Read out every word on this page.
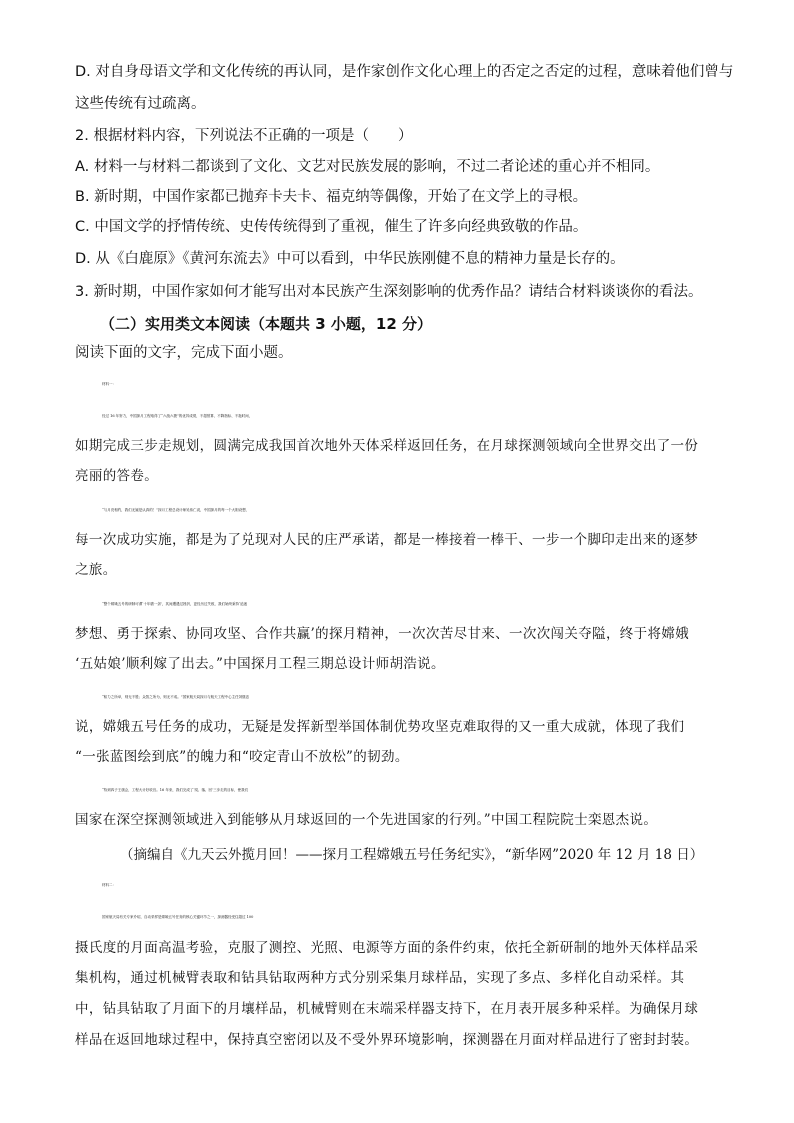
D. 对自身母语文学和文化传统的再认同，是作家创作文化心理上的否定之否定的过程，意味着他们曾与
这些传统有过疏离。
2. 根据材料内容，下列说法不正确的一项是（　　）
A. 材料一与材料二都谈到了文化、文艺对民族发展的影响，不过二者论述的重心并不相同。
B. 新时期，中国作家都已抛弃卡夫卡、福克纳等偶像，开始了在文学上的寻根。
C. 中国文学的抒情传统、史传传统得到了重视，催生了许多向经典致敬的作品。
D. 从《白鹿原》《黄河东流去》中可以看到，中华民族刚健不息的精神力量是长存的。
3. 新时期，中国作家如何才能写出对本民族产生深刻影响的优秀作品？请结合材料谈谈你的看法。
（二）实用类文本阅读（本题共 3 小题，12 分）
阅读下面的文字，完成下面小题。
材料一：
经过 16 年努力，中国探月工程取得了“六战六捷”的优异成绩，不超预算、不降指标、不拖时间，
如期完成三步走规划，圆满完成我国首次地外天体采样返回任务，在月球探测领域向全世界交出了一份
亮丽的答卷。
“与月亮相约，我们无疑是认真的！”探月工程总设计师吴伟仁说，中国探月的每一个大胆设想、
每一次成功实施，都是为了兑现对人民的庄严承诺，都是一棒接着一棒干、一步一个脚印走出来的逐梦
之旅。
“整个嫦娥五号的研制可谓‘十年磨一剑’，其间遭遇过挫折，更经历过失败，我们始终秉持‘追逐
梦想、勇于探索、协同攻坚、合作共赢’的探月精神，一次次苦尽甘来、一次次闯关夺隘，终于将嫦娥
‘五姑娘’顺利嫁了出去。”中国探月工程三期总设计师胡浩说。
“积力之所举，则无不胜；众智之所为，则无不成。”国家航天局探月与航天工程中心主任刘继忠
说，嫦娥五号任务的成功，无疑是发挥新型举国体制优势攻坚克难取得的又一重大成就，体现了我们
“一张蓝图绘到底”的魄力和“咬定青山不放松”的韧劲。
“待到四子王旗会，工程大计好收官。16 年来，我们完成了‘绕、落、回’三步走的目标，使我们
国家在深空探测领域进入到能够从月球返回的一个先进国家的行列。”中国工程院院士栾恩杰说。
（摘编自《九天云外揽月回！——探月工程嫦娥五号任务纪实》，“新华网”2020 年 12 月 18 日）
材料二：
国家航天局有关专家介绍，自动采样是嫦娥五号任务的核心关键环节之一，探测器经受住超过 100
摄氏度的月面高温考验，克服了测控、光照、电源等方面的条件约束，依托全新研制的地外天体样品采
集机构，通过机械臂表取和钻具钻取两种方式分别采集月球样品，实现了多点、多样化自动采样。其
中，钻具钻取了月面下的月壤样品，机械臂则在末端采样器支持下，在月表开展多种采样。为确保月球
样品在返回地球过程中，保持真空密闭以及不受外界环境影响，探测器在月面对样品进行了密封封装。
